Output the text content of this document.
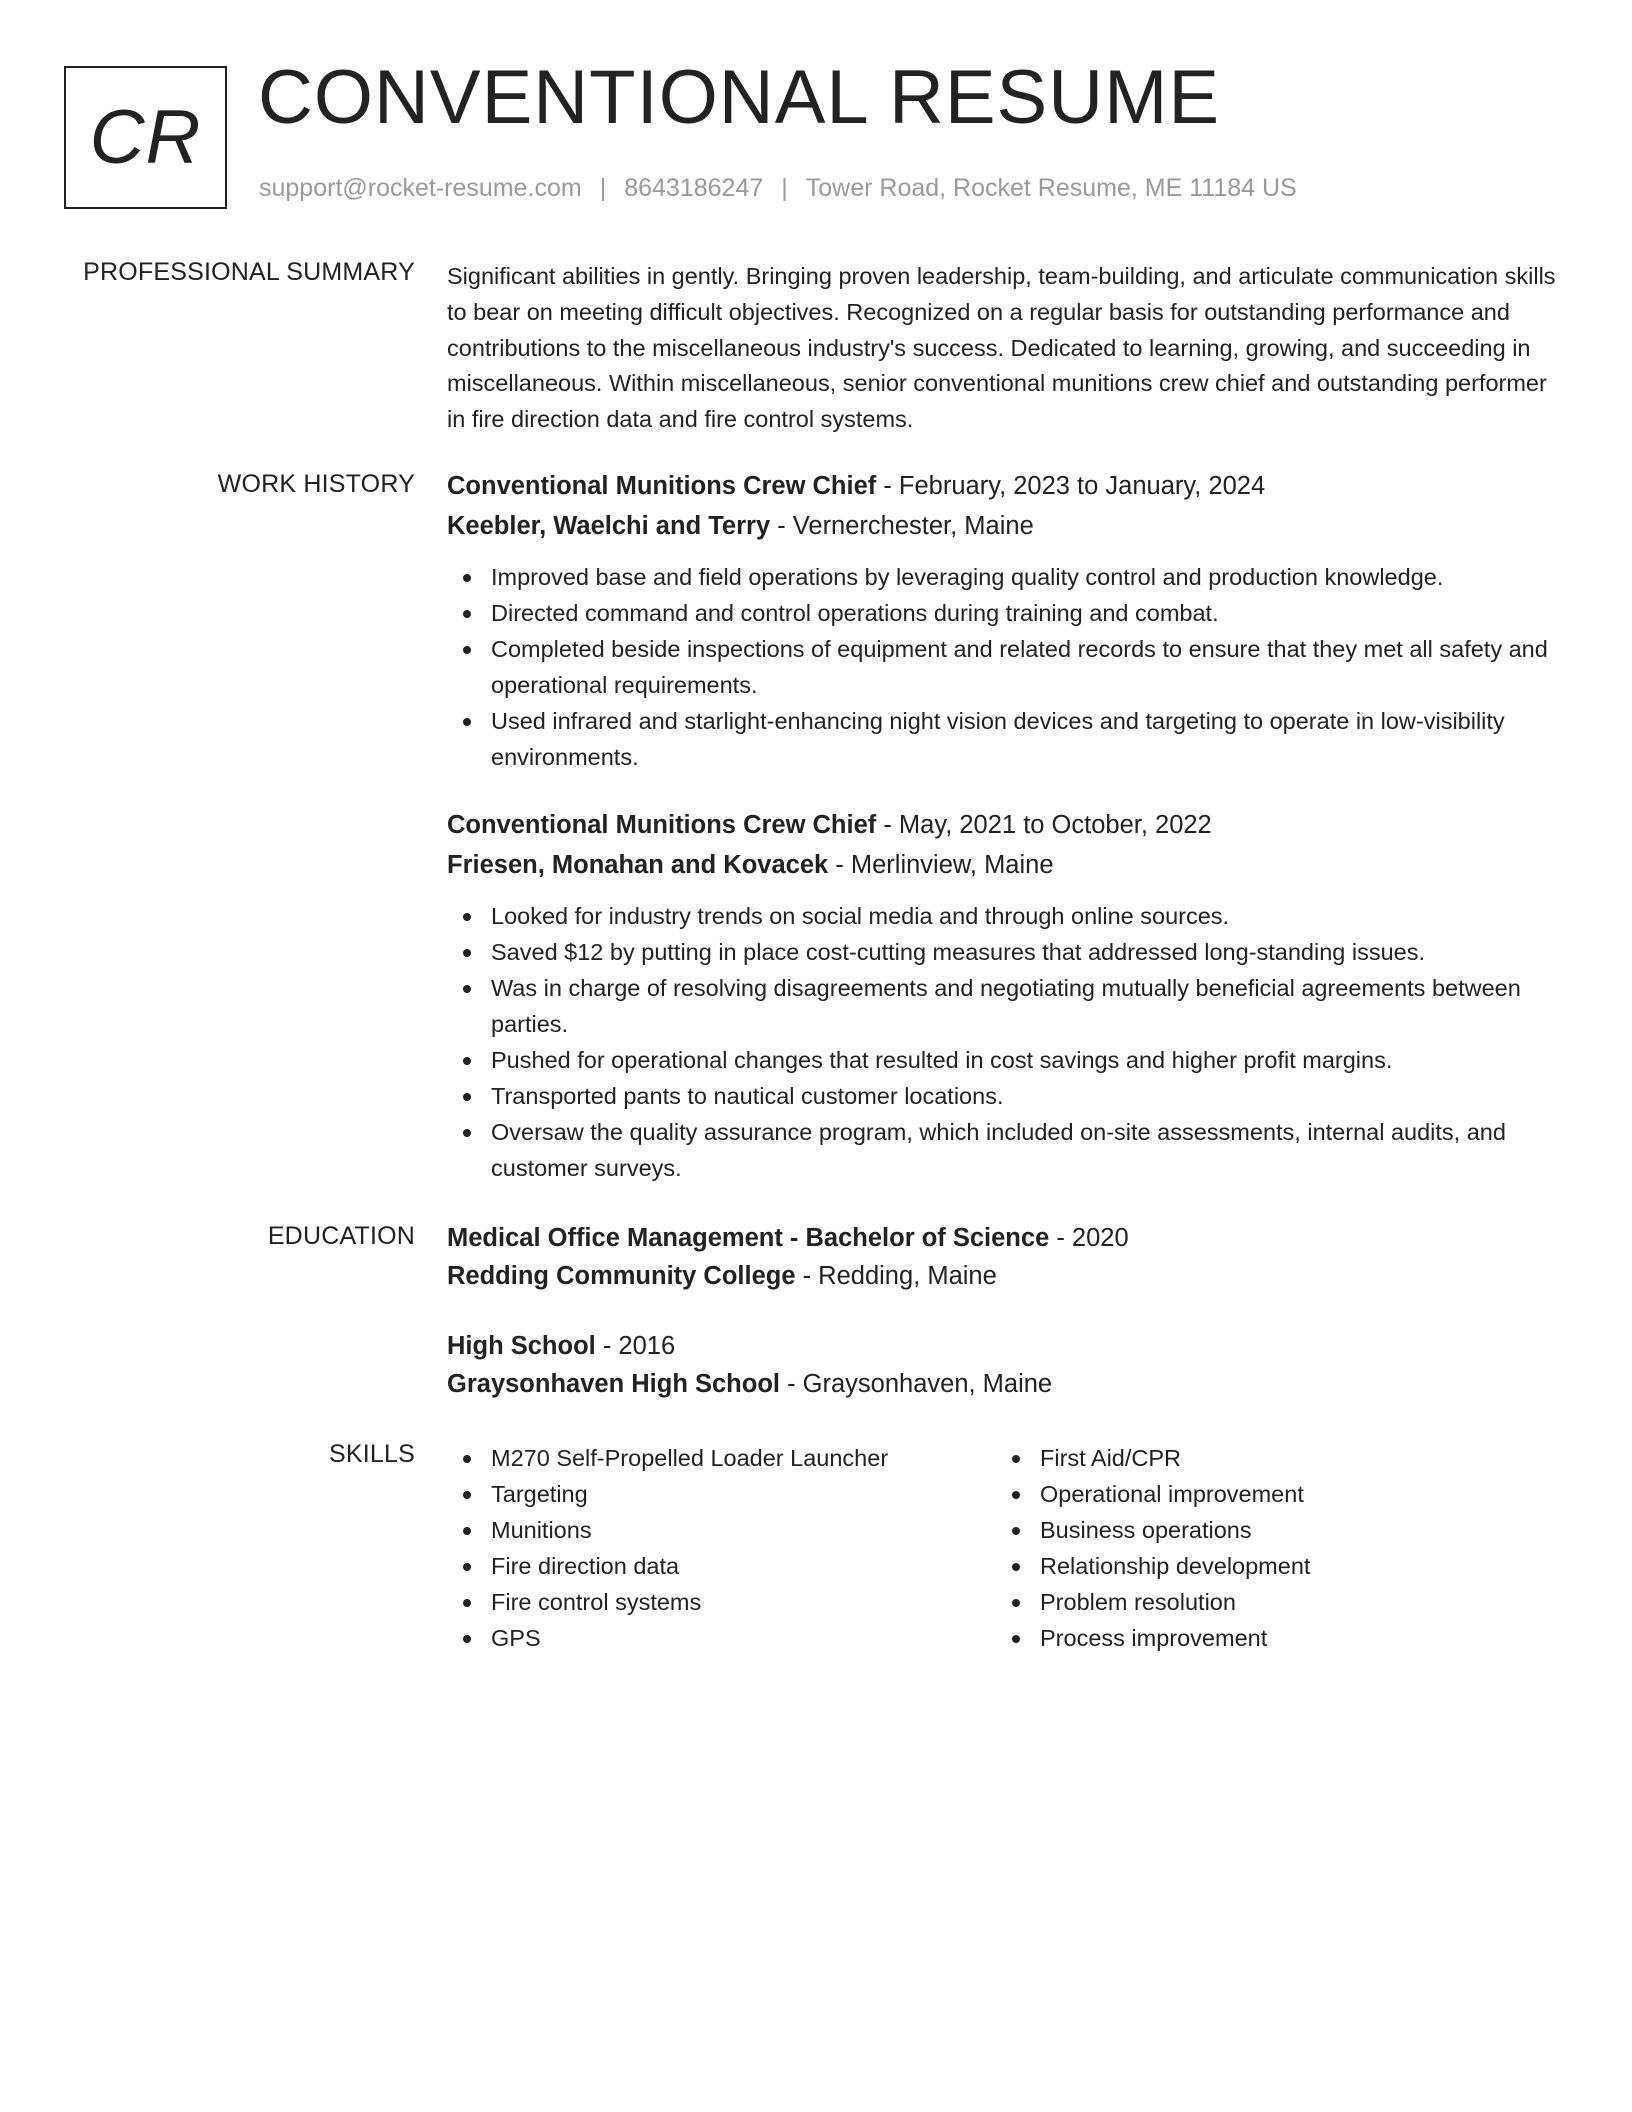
CR CONVENTIONAL RESUME
support@rocket-resume.com | 8643186247 | Tower Road, Rocket Resume, ME 11184 US
PROFESSIONAL SUMMARY Significant abilities in gently. Bringing proven leadership, team-building, and articulate communication skills to bear on meeting difficult objectives. Recognized on a regular basis for outstanding performance and contributions to the miscellaneous industry's success. Dedicated to learning, growing, and succeeding in miscellaneous. Within miscellaneous, senior conventional munitions crew chief and outstanding performer in fire direction data and fire control systems.
WORK HISTORY Conventional Munitions Crew Chief - February, 2023 to January, 2024
Keebler, Waelchi and Terry - Vernerchester, Maine
Improved base and field operations by leveraging quality control and production knowledge.
Directed command and control operations during training and combat.
Completed beside inspections of equipment and related records to ensure that they met all safety and operational requirements.
Used infrared and starlight-enhancing night vision devices and targeting to operate in low-visibility environments.
Conventional Munitions Crew Chief - May, 2021 to October, 2022
Friesen, Monahan and Kovacek - Merlinview, Maine
Looked for industry trends on social media and through online sources.
Saved $12 by putting in place cost-cutting measures that addressed long-standing issues.
Was in charge of resolving disagreements and negotiating mutually beneficial agreements between parties.
Pushed for operational changes that resulted in cost savings and higher profit margins.
Transported pants to nautical customer locations.
Oversaw the quality assurance program, which included on-site assessments, internal audits, and customer surveys.
EDUCATION Medical Office Management - Bachelor of Science - 2020
Redding Community College - Redding, Maine
High School - 2016
Graysonhaven High School - Graysonhaven, Maine
SKILLS	M270 Self-Propelled Loader Launcher
Targeting
Munitions
Fire direction data
Fire control systems
GPS
First Aid/CPR
Operational improvement
Business operations
Relationship development
Problem resolution
Process improvement
